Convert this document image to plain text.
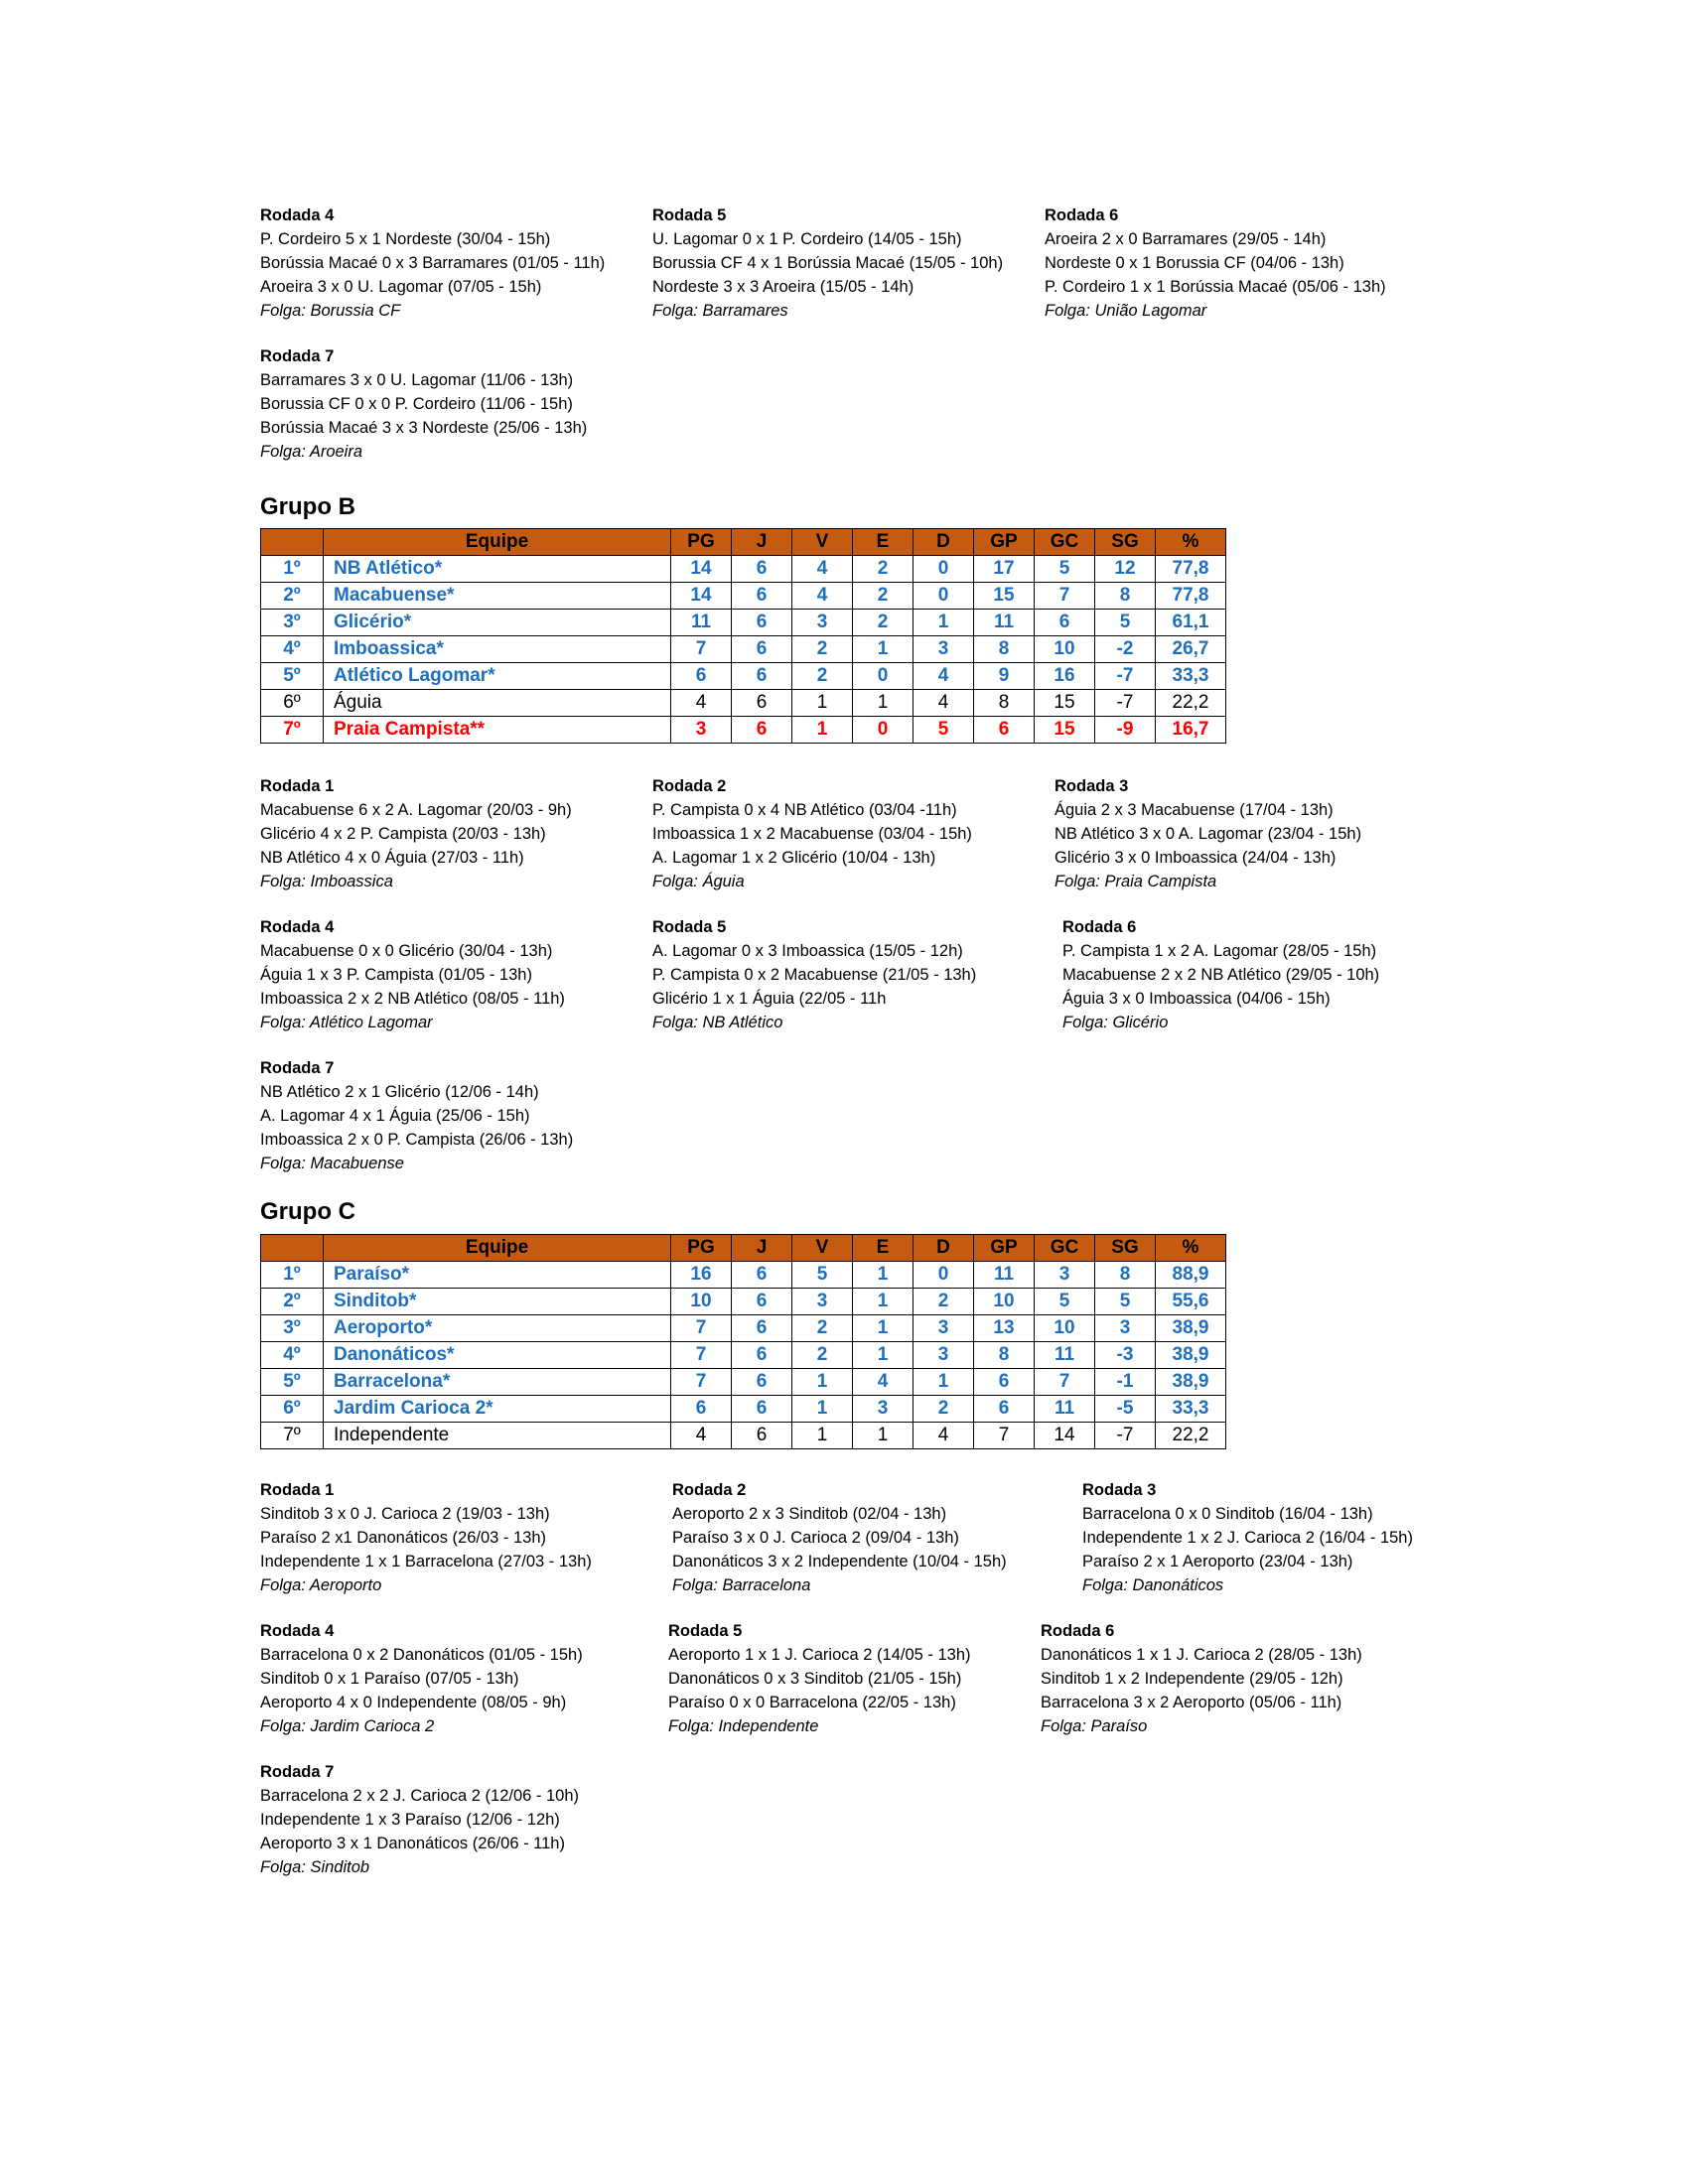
Rodada 4
P. Cordeiro 5 x 1 Nordeste (30/04 - 15h)
Borússia Macaé 0 x 3 Barramares (01/05 - 11h)
Aroeira 3 x 0 U. Lagomar (07/05 - 15h)
Folga: Borussia CF
Rodada 5
U. Lagomar 0 x 1 P. Cordeiro (14/05 - 15h)
Borussia CF 4 x 1 Borússia Macaé (15/05 - 10h)
Nordeste 3 x 3 Aroeira (15/05 - 14h)
Folga: Barramares
Rodada 6
Aroeira 2 x 0 Barramares (29/05 - 14h)
Nordeste 0 x 1 Borussia CF (04/06 - 13h)
P. Cordeiro 1 x 1 Borússia Macaé (05/06 - 13h)
Folga: União Lagomar
Rodada 7
Barramares 3 x 0 U. Lagomar (11/06 - 13h)
Borussia CF 0 x 0 P. Cordeiro (11/06 - 15h)
Borússia Macaé 3 x 3 Nordeste (25/06 - 13h)
Folga: Aroeira
Grupo B
	Equipe	PG	J	V	E	D	GP	GC	SG	%
1º	NB Atlético*	14	6	4	2	0	17	5	12	77,8
2º	Macabuense*	14	6	4	2	0	15	7	8	77,8
3º	Glicério*	11	6	3	2	1	11	6	5	61,1
4º	Imboassica*	7	6	2	1	3	8	10	-2	26,7
5º	Atlético Lagomar*	6	6	2	0	4	9	16	-7	33,3
6º	Águia	4	6	1	1	4	8	15	-7	22,2
7º	Praia Campista**	3	6	1	0	5	6	15	-9	16,7
Rodada 1
Macabuense 6 x 2 A. Lagomar (20/03 - 9h)
Glicério 4 x 2 P. Campista (20/03 - 13h)
NB Atlético 4 x 0 Águia (27/03 - 11h)
Folga: Imboassica
Rodada 2
P. Campista 0 x 4 NB Atlético (03/04 -11h)
Imboassica 1 x 2 Macabuense (03/04 - 15h)
A. Lagomar 1 x 2 Glicério (10/04 - 13h)
Folga: Águia
Rodada 3
Águia 2 x 3 Macabuense (17/04 - 13h)
NB Atlético 3 x 0 A. Lagomar (23/04 - 15h)
Glicério 3 x 0 Imboassica (24/04 - 13h)
Folga: Praia Campista
Rodada 4
Macabuense 0 x 0 Glicério (30/04 - 13h)
Águia 1 x 3 P. Campista (01/05 - 13h)
Imboassica 2 x 2 NB Atlético (08/05 - 11h)
Folga: Atlético Lagomar
Rodada 5
A. Lagomar 0 x 3 Imboassica (15/05 - 12h)
P. Campista 0 x 2 Macabuense (21/05 - 13h)
Glicério 1 x 1 Águia (22/05 - 11h
Folga: NB Atlético
Rodada 6
P. Campista 1 x 2 A. Lagomar (28/05 - 15h)
Macabuense 2 x 2 NB Atlético (29/05 - 10h)
Águia 3 x 0 Imboassica (04/06 - 15h)
Folga: Glicério
Rodada 7
NB Atlético 2 x 1 Glicério (12/06 - 14h)
A. Lagomar 4 x 1 Águia (25/06 - 15h)
Imboassica 2 x 0 P. Campista (26/06 - 13h)
Folga: Macabuense
Grupo C
	Equipe	PG	J	V	E	D	GP	GC	SG	%
1º	Paraíso*	16	6	5	1	0	11	3	8	88,9
2º	Sinditob*	10	6	3	1	2	10	5	5	55,6
3º	Aeroporto*	7	6	2	1	3	13	10	3	38,9
4º	Danonáticos*	7	6	2	1	3	8	11	-3	38,9
5º	Barracelona*	7	6	1	4	1	6	7	-1	38,9
6º	Jardim Carioca 2*	6	6	1	3	2	6	11	-5	33,3
7º	Independente	4	6	1	1	4	7	14	-7	22,2
Rodada 1
Sinditob 3 x 0 J. Carioca 2 (19/03 - 13h)
Paraíso 2 x1 Danonáticos (26/03 - 13h)
Independente 1 x 1 Barracelona (27/03 - 13h)
Folga: Aeroporto
Rodada 2
Aeroporto 2 x 3 Sinditob (02/04 - 13h)
Paraíso 3 x 0 J. Carioca 2 (09/04 - 13h)
Danonáticos 3 x 2 Independente (10/04 - 15h)
Folga: Barracelona
Rodada 3
Barracelona 0 x 0 Sinditob (16/04 - 13h)
Independente 1 x 2 J. Carioca 2 (16/04 - 15h)
Paraíso 2 x 1 Aeroporto (23/04 - 13h)
Folga: Danonáticos
Rodada 4
Barracelona 0 x 2 Danonáticos (01/05 - 15h)
Sinditob 0 x 1 Paraíso (07/05 - 13h)
Aeroporto 4 x 0 Independente (08/05 - 9h)
Folga: Jardim Carioca 2
Rodada 5
Aeroporto 1 x 1 J. Carioca 2 (14/05 - 13h)
Danonáticos 0 x 3 Sinditob (21/05 - 15h)
Paraíso 0 x 0 Barracelona (22/05 - 13h)
Folga: Independente
Rodada 6
Danonáticos 1 x 1 J. Carioca 2 (28/05 - 13h)
Sinditob 1 x 2 Independente (29/05 - 12h)
Barracelona 3 x 2 Aeroporto (05/06 - 11h)
Folga: Paraíso
Rodada 7
Barracelona 2 x 2 J. Carioca 2 (12/06 - 10h)
Independente 1 x 3 Paraíso (12/06 - 12h)
Aeroporto 3 x 1 Danonáticos (26/06 - 11h)
Folga: Sinditob
